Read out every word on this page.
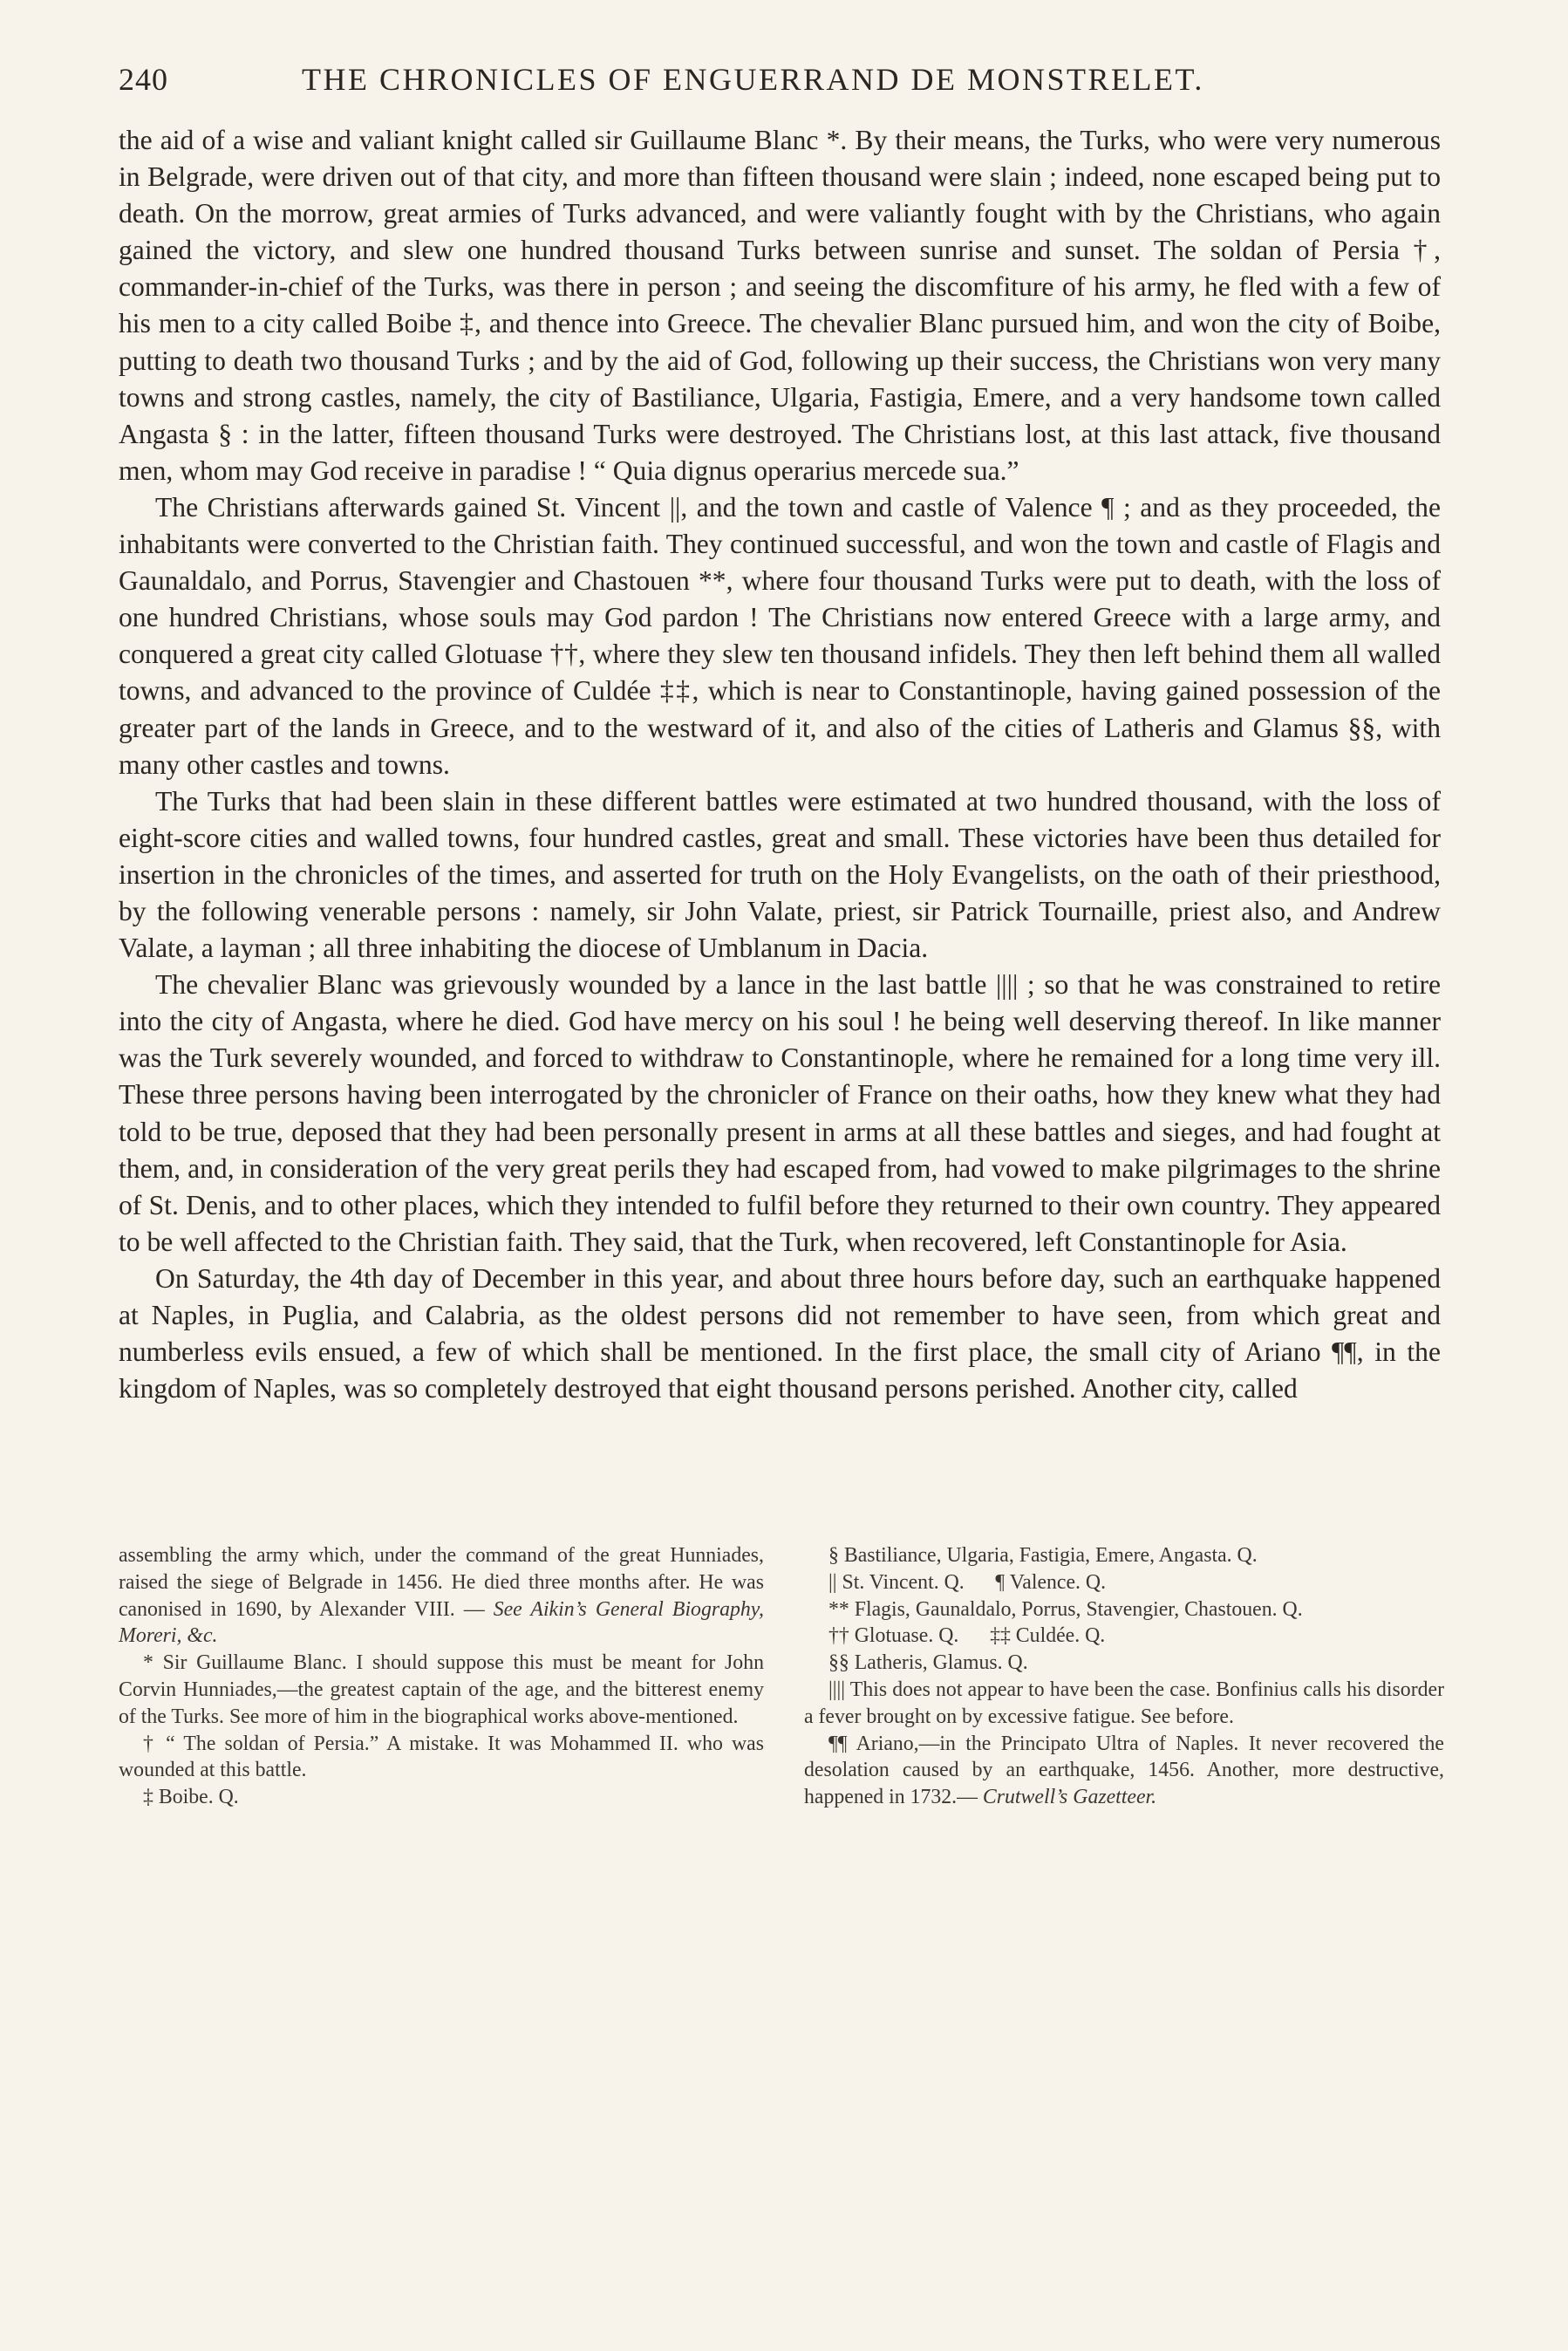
240	THE CHRONICLES OF ENGUERRAND DE MONSTRELET.

the aid of a wise and valiant knight called sir Guillaume Blanc *. By their means, the Turks, who were very numerous in Belgrade, were driven out of that city, and more than fifteen thousand were slain ; indeed, none escaped being put to death. On the morrow, great armies of Turks advanced, and were valiantly fought with by the Christians, who again gained the victory, and slew one hundred thousand Turks between sunrise and sunset. The soldan of Persia †, commander-in-chief of the Turks, was there in person ; and seeing the discomfiture of his army, he fled with a few of his men to a city called Boibe ‡, and thence into Greece. The chevalier Blanc pursued him, and won the city of Boibe, putting to death two thousand Turks ; and by the aid of God, following up their success, the Christians won very many towns and strong castles, namely, the city of Bastiliance, Ulgaria, Fastigia, Emere, and a very handsome town called Angasta § : in the latter, fifteen thousand Turks were destroyed. The Christians lost, at this last attack, five thousand men, whom may God receive in paradise ! “ Quia dignus operarius mercede sua.”

The Christians afterwards gained St. Vincent ||, and the town and castle of Valence ¶ ; and as they proceeded, the inhabitants were converted to the Christian faith. They continued successful, and won the town and castle of Flagis and Gaunaldalo, and Porrus, Stavengier and Chastouen **, where four thousand Turks were put to death, with the loss of one hundred Christians, whose souls may God pardon ! The Christians now entered Greece with a large army, and conquered a great city called Glotuase ††, where they slew ten thousand infidels. They then left behind them all walled towns, and advanced to the province of Culdée ‡‡, which is near to Constantinople, having gained possession of the greater part of the lands in Greece, and to the westward of it, and also of the cities of Latheris and Glamus §§, with many other castles and towns.

The Turks that had been slain in these different battles were estimated at two hundred thousand, with the loss of eight-score cities and walled towns, four hundred castles, great and small. These victories have been thus detailed for insertion in the chronicles of the times, and asserted for truth on the Holy Evangelists, on the oath of their priesthood, by the following venerable persons : namely, sir John Valate, priest, sir Patrick Tournaille, priest also, and Andrew Valate, a layman ; all three inhabiting the diocese of Umblanum in Dacia.

The chevalier Blanc was grievously wounded by a lance in the last battle |||| ; so that he was constrained to retire into the city of Angasta, where he died. God have mercy on his soul ! he being well deserving thereof. In like manner was the Turk severely wounded, and forced to withdraw to Constantinople, where he remained for a long time very ill. These three persons having been interrogated by the chronicler of France on their oaths, how they knew what they had told to be true, deposed that they had been personally present in arms at all these battles and sieges, and had fought at them, and, in consideration of the very great perils they had escaped from, had vowed to make pilgrimages to the shrine of St. Denis, and to other places, which they intended to fulfil before they returned to their own country. They appeared to be well affected to the Christian faith. They said, that the Turk, when recovered, left Constantinople for Asia.

On Saturday, the 4th day of December in this year, and about three hours before day, such an earthquake happened at Naples, in Puglia, and Calabria, as the oldest persons did not remember to have seen, from which great and numberless evils ensued, a few of which shall be mentioned. In the first place, the small city of Ariano ¶¶, in the kingdom of Naples, was so completely destroyed that eight thousand persons perished. Another city, called

assembling the army which, under the command of the great Hunniades, raised the siege of Belgrade in 1456. He died three months after. He was canonised in 1690, by Alexander VIII. — See Aikin’s General Biography, Moreri, &c.

* Sir Guillaume Blanc. I should suppose this must be meant for John Corvin Hunniades,—the greatest captain of the age, and the bitterest enemy of the Turks. See more of him in the biographical works above-mentioned.

† “ The soldan of Persia.” A mistake. It was Mohammed II. who was wounded at this battle.

‡ Boibe. Q.

§ Bastiliance, Ulgaria, Fastigia, Emere, Angasta. Q.

|| St. Vincent. Q.      ¶ Valence. Q.

** Flagis, Gaunaldalo, Porrus, Stavengier, Chastouen. Q.

†† Glotuase. Q.      ‡‡ Culdée. Q.

§§ Latheris, Glamus. Q.

|||| This does not appear to have been the case. Bonfinius calls his disorder a fever brought on by excessive fatigue. See before.

¶¶ Ariano,—in the Principato Ultra of Naples. It never recovered the desolation caused by an earthquake, 1456. Another, more destructive, happened in 1732.— Crutwell’s Gazetteer.
